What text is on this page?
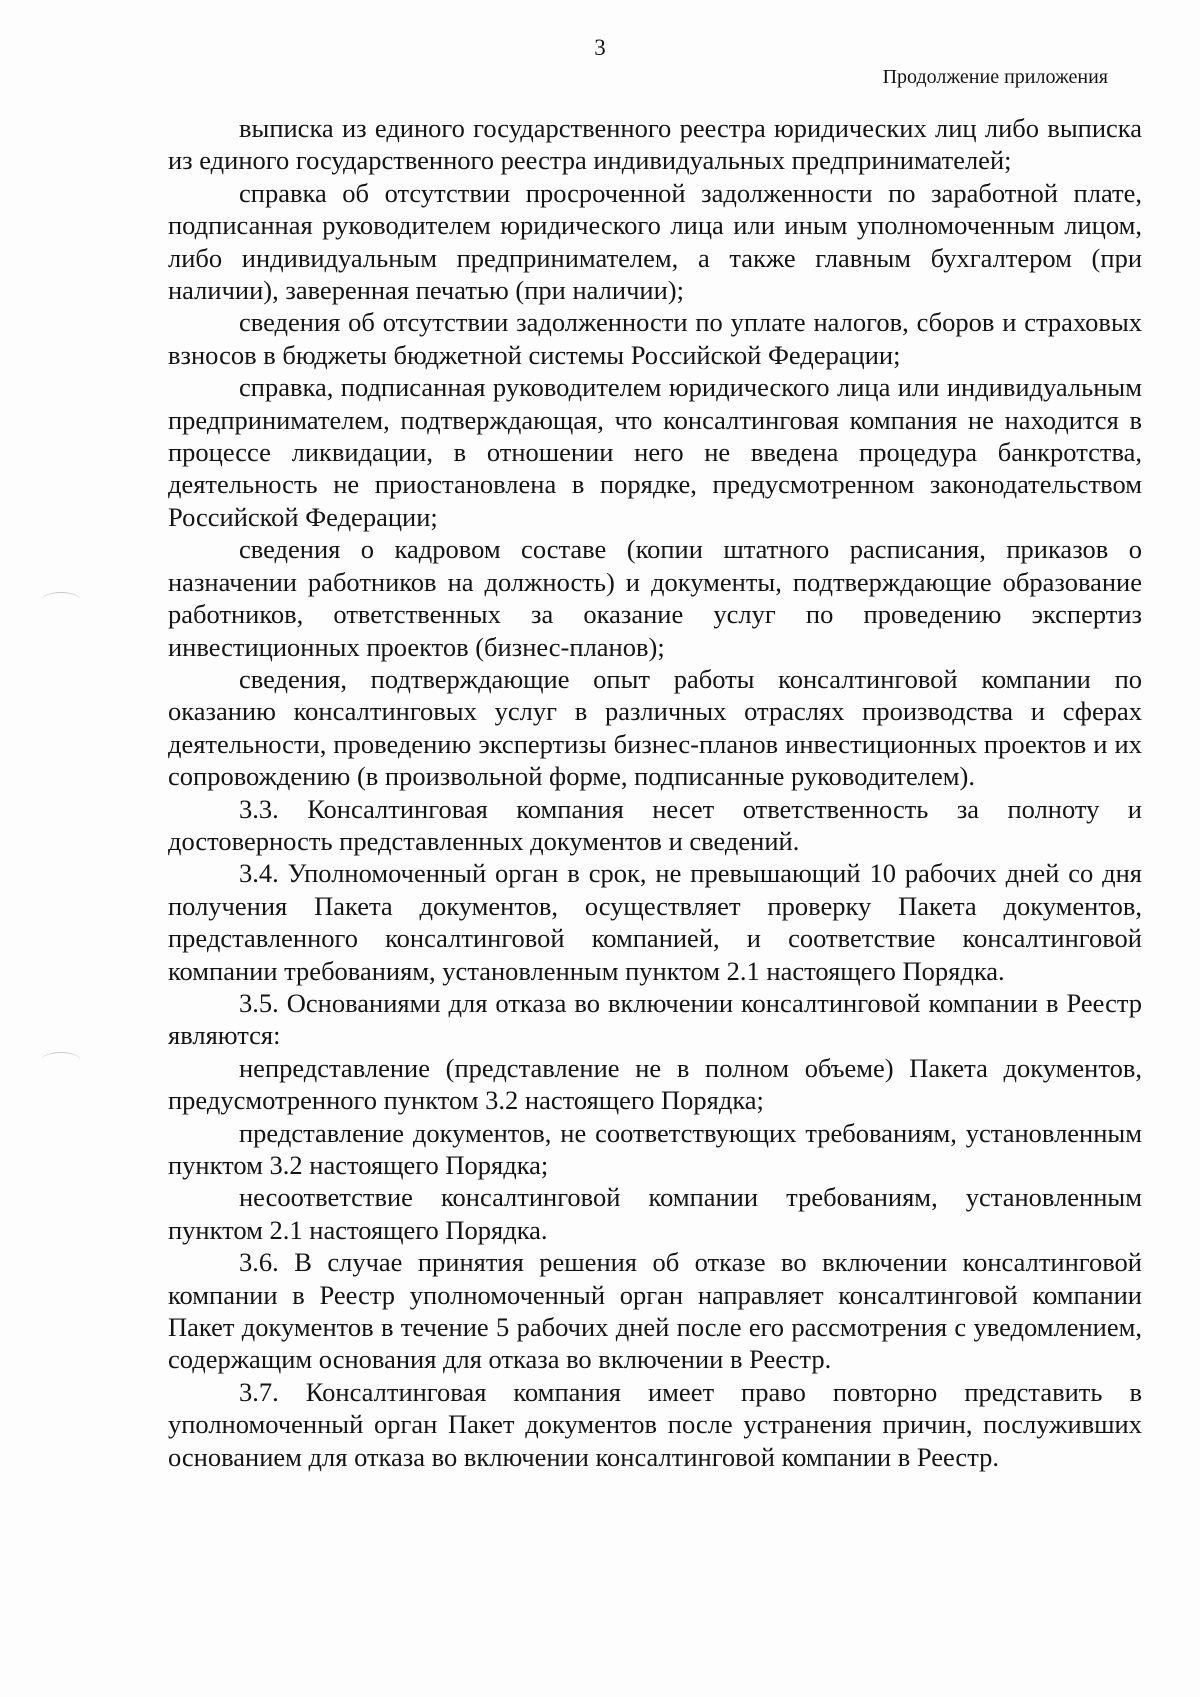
3
Продолжение приложения

выписка из единого государственного реестра юридических лиц либо выписка из единого государственного реестра индивидуальных предпринимателей;

справка об отсутствии просроченной задолженности по заработной плате, подписанная руководителем юридического лица или иным уполномоченным лицом, либо индивидуальным предпринимателем, а также главным бухгалтером (при наличии), заверенная печатью (при наличии);

сведения об отсутствии задолженности по уплате налогов, сборов и страховых взносов в бюджеты бюджетной системы Российской Федерации;

справка, подписанная руководителем юридического лица или индивидуальным предпринимателем, подтверждающая, что консалтинговая компания не находится в процессе ликвидации, в отношении него не введена процедура банкротства, деятельность не приостановлена в порядке, предусмотренном законодательством Российской Федерации;

сведения о кадровом составе (копии штатного расписания, приказов о назначении работников на должность) и документы, подтверждающие образование работников, ответственных за оказание услуг по проведению экспертиз инвестиционных проектов (бизнес-планов);

сведения, подтверждающие опыт работы консалтинговой компании по оказанию консалтинговых услуг в различных отраслях производства и сферах деятельности, проведению экспертизы бизнес-планов инвестиционных проектов и их сопровождению (в произвольной форме, подписанные руководителем).

3.3. Консалтинговая компания несет ответственность за полноту и достоверность представленных документов и сведений.

3.4. Уполномоченный орган в срок, не превышающий 10 рабочих дней со дня получения Пакета документов, осуществляет проверку Пакета документов, представленного консалтинговой компанией, и соответствие консалтинговой компании требованиям, установленным пунктом 2.1 настоящего Порядка.

3.5. Основаниями для отказа во включении консалтинговой компании в Реестр являются:

непредставление (представление не в полном объеме) Пакета документов, предусмотренного пунктом 3.2 настоящего Порядка;

представление документов, не соответствующих требованиям, установленным пунктом 3.2 настоящего Порядка;

несоответствие консалтинговой компании требованиям, установленным пунктом 2.1 настоящего Порядка.

3.6. В случае принятия решения об отказе во включении консалтинговой компании в Реестр уполномоченный орган направляет консалтинговой компании Пакет документов в течение 5 рабочих дней после его рассмотрения с уведомлением, содержащим основания для отказа во включении в Реестр.

3.7. Консалтинговая компания имеет право повторно представить в уполномоченный орган Пакет документов после устранения причин, послуживших основанием для отказа во включении консалтинговой компании в Реестр.
